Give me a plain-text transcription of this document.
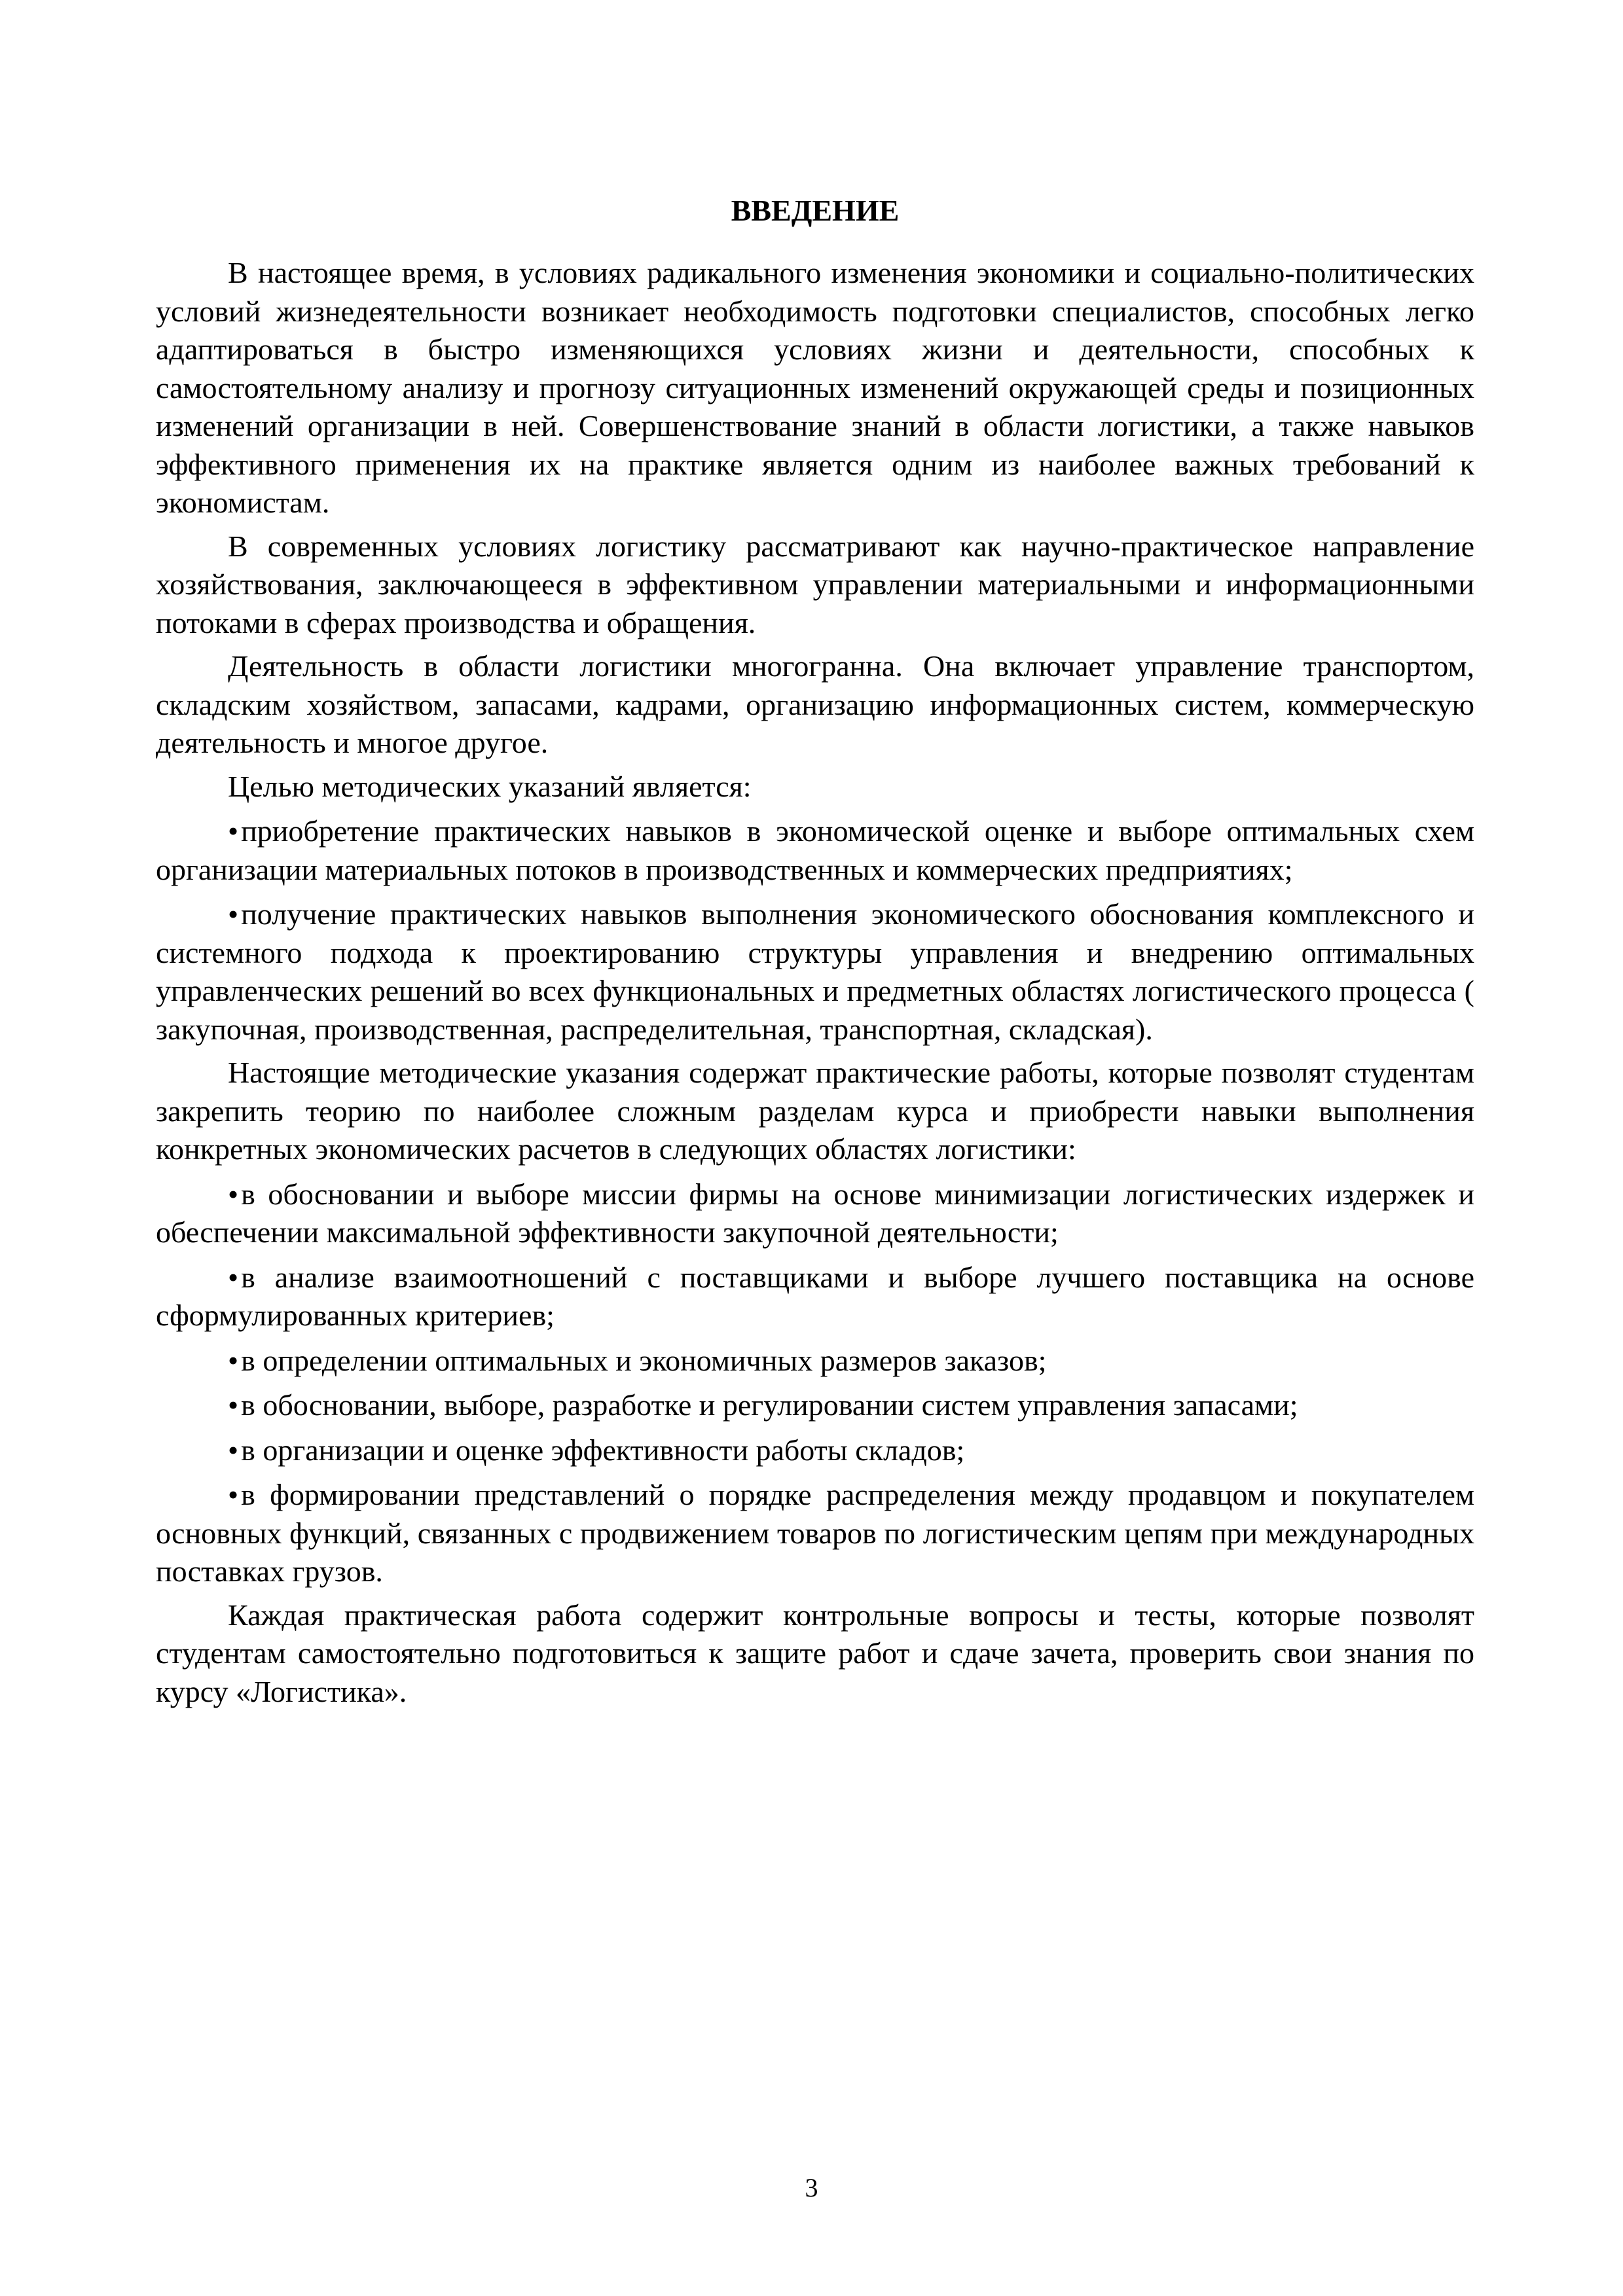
ВВЕДЕНИЕ

В настоящее время, в условиях радикального изменения экономики и социально-политических условий жизнедеятельности возникает необходимость подготовки специалистов, способных легко адаптироваться в быстро изменяющихся условиях жизни и деятельности, способных к самостоятельному анализу и прогнозу ситуационных изменений окружающей среды и позиционных изменений организации в ней. Совершенствование знаний в области логистики, а также навыков эффективного применения их на практике является одним из наиболее важных требований к экономистам.

В современных условиях логистику рассматривают как научно-практическое направление хозяйствования, заключающееся в эффективном управлении материальными и информационными потоками в сферах производства и обращения.

Деятельность в области логистики многогранна. Она включает управление транспортом, складским хозяйством, запасами, кадрами, организацию информационных систем, коммерческую деятельность и многое другое.

Целью методических указаний является:

•приобретение практических навыков в экономической оценке и выборе оптимальных схем организации материальных потоков в производственных и коммерческих предприятиях;

•получение практических навыков выполнения экономического обоснования комплексного и системного подхода к проектированию структуры управления и внедрению оптимальных управленческих решений во всех функциональных и предметных областях логистического процесса ( закупочная, производственная, распределительная, транспортная, складская).

Настоящие методические указания содержат практические работы, которые позволят студентам закрепить теорию по наиболее сложным разделам курса и приобрести навыки выполнения конкретных экономических расчетов в следующих областях логистики:

•в обосновании и выборе миссии фирмы на основе минимизации логистических издержек и обеспечении максимальной эффективности закупочной деятельности;

•в анализе взаимоотношений с поставщиками и выборе лучшего поставщика на основе сформулированных критериев;

•в определении оптимальных и экономичных размеров заказов;

•в обосновании, выборе, разработке и регулировании систем управления запасами;

•в организации и оценке эффективности работы складов;

•в формировании представлений о порядке распределения между продавцом и покупателем основных функций, связанных с продвижением товаров по логистическим цепям при международных поставках грузов.

Каждая практическая работа содержит контрольные вопросы и тесты, которые позволят студентам самостоятельно подготовиться к защите работ и сдаче зачета, проверить свои знания по курсу «Логистика».

3
